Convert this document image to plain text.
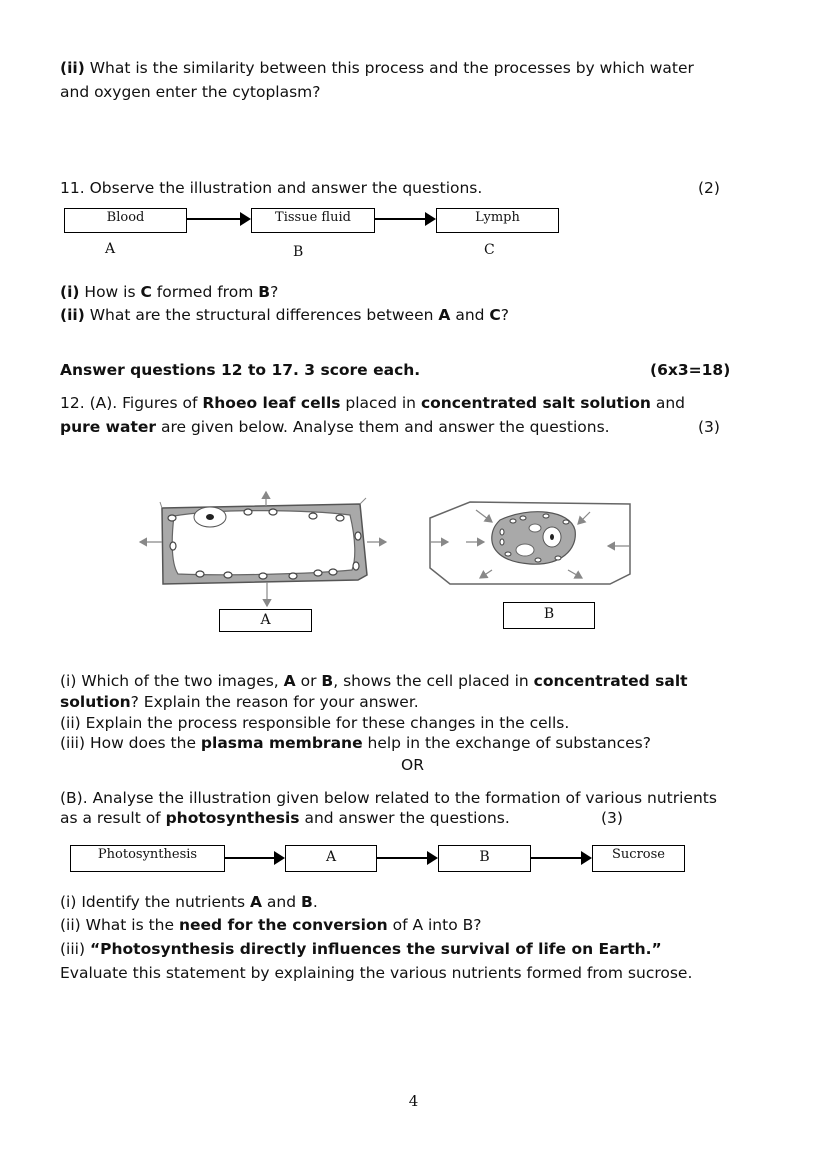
(ii) What is the similarity between this process and the processes by which water
and oxygen enter the cytoplasm?
11. Observe the illustration and answer the questions.	(2)
Blood	Tissue fluid	Lymph
A	B	C
(i) How is C formed from B?
(ii) What are the structural differences between A and C?
Answer questions 12 to 17. 3 score each.	(6x3=18)
12. (A). Figures of Rhoeo leaf cells placed in concentrated salt solution and
pure water are given below. Analyse them and answer the questions.	(3)
A	B
(i) Which of the two images, A or B, shows the cell placed in concentrated salt
solution? Explain the reason for your answer.
(ii) Explain the process responsible for these changes in the cells.
(iii) How does the plasma membrane help in the exchange of substances?
OR
(B). Analyse the illustration given below related to the formation of various nutrients
as a result of photosynthesis and answer the questions.	(3)
Photosynthesis	A	B	Sucrose
(i) Identify the nutrients A and B.
(ii) What is the need for the conversion of A into B?
(iii) “Photosynthesis directly influences the survival of life on Earth.”
Evaluate this statement by explaining the various nutrients formed from sucrose.
4
